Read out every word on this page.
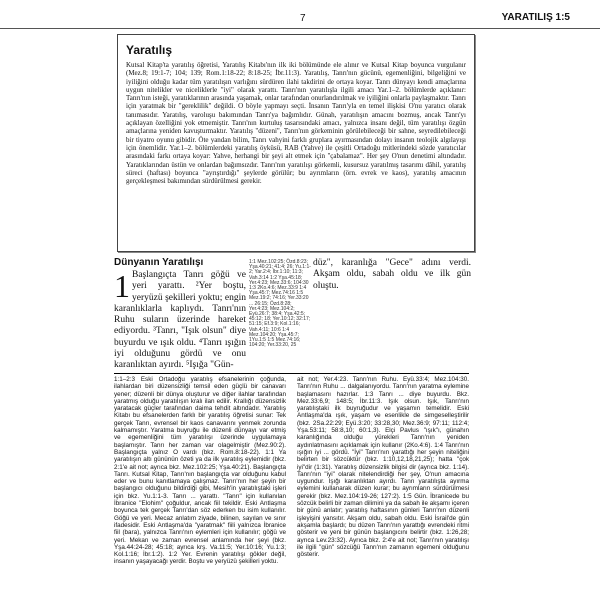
7	YARATILIŞ 1:5
Yaratılış

Kutsal Kitap'ta yaratılış öğretisi, Yaratılış Kitabı'nın ilk iki bölümünde ele alınır ve Kutsal Kitap boyunca vurgulanır (Mez.8; 19:1-7; 104; 139; Rom.1:18-22; 8:18-25; İbr.11:3). Yaratılış, Tanrı'nın gücünü, egemenliğini, bilgeliğini ve iyiliğini olduğu kadar tüm yaratılışın varlığını sürdüren ilahi takdirini de ortaya koyar. Tanrı dünyayı kendi amaçlarına uygun nitelikler ve niceliklerle "iyi" olarak yarattı. Tanrı'nın yaratılışla ilgili amacı Yar.1–2. bölümlerde açıklanır: Tanrı'nın isteği, yaratıklarının arasında yaşamak, onlar tarafından onurlandırılmak ve iyiliğini onlarla paylaşmaktır. Tanrı için yaratmak bir "gereklilik" değildi. O böyle yapmayı seçti. İnsanın Tanrı'yla en temel ilişkisi O'nu yaratıcı olarak tanımasıdır. Yaratılış, varoluşu bakımından Tanrı'ya bağımlıdır. Günah, yaratılışın amacını bozmuş, ancak Tanrı'yı açıklayan özelliğini yok etmemiştir. Tanrı'nın kurtuluş tasarısındaki amacı, yalnızca insanı değil, tüm yaratılışı özgün amaçlarına yeniden kavuşturmaktır. Yaratılış "düzeni", Tanrı'nın görkeminin görülebileceği bir sahne, seyredilebileceği bir tiyatro oyunu gibidir. Öte yandan bilim, Tanrı vahyini farklı gruplara ayırmasından dolayı insanın teolojik algılayışı için önemlidir. Yar.1–2. bölümlerdeki yaratılış öyküsü, RAB (Yahve) ile çeşitli Ortadoğu mitlerindeki sözde yaratıcılar arasındaki farkı ortaya koyar: Yahve, herhangi bir şeyi alt etmek için "çabalamaz". Her şey O'nun denetimi altındadır. Yaratıklarından üstün ve onlardan bağımsızdır. Tanrı'nın yaratılışı görkemli, kusursuz yaratılmış tasarımı dâhil, yaratılış süreci (haftası) boyunca "ayrıştırdığı" şeylerde görülür; bu ayrımların (örn. evrek ve kaos), yaratılış amacının gerçekleşmesi bakımından sürdürülmesi gerekir.

Dünyanın Yaratılışı
1 Başlangıçta Tanrı göğü ve yeri yarattı. ²Yer boştu, yeryüzü şekilleri yoktu; engin karanlıklarla kaplıydı. Tanrı'nın Ruhu suların üzerinde hareket ediyordu. ³Tanrı, "Işık olsun" diye buyurdu ve ışık oldu. ⁴Tanrı ışığın iyi olduğunu gördü ve onu karanlıktan ayırdı. ⁵Işığa "Gün-
1:1 Mez.102:25; Özd.8:23; Yşa.40:21; 41:4; 26; Yu.1:1-2; Yar.2:4; İbr.1:10; 11:3; Vah.3:14 1:2 Yşa.45:18; Yer.4:23; Mez.33:6; 104:30 1:3 2Ko.4:6; Mez.33:9 1:4 Yşa.45:7; Mez.74:16 1:5 Mez.19:2; 74:16; Yer.33:20 ... 26:15; Özd.8:28; Yer.4:23; Mez.104:2; Eyü.26:7; 38:4; Yşa.42:5; 45:12; 18; Yer.10:12; 32:17; 51:15; Ef.3:9; Kol.1:16; Vah.4:11; 10:6 1:4 Mez.104:20; Yşa.45:7; 1Yu.1:5 1:5 Mez.74:16; 104:20; Yer.33:20, 25
düz", karanlığa "Gece" adını verdi. Akşam oldu, sabah oldu ve ilk gün oluştu.

1:1–2:3 Eski Ortadoğu yaratılış efsanelerinin çoğunda, ilahlardan biri düzensizliği temsil eden güçlü bir canavarı yener; düzenli bir dünya oluşturur ve diğer ilahlar tarafından yaratmış olduğu yaratılışın kralı ilan edilir. Krallığı düzensizlik yaratacak güçler tarafından daima tehdit altındadır. Yaratılış Kitabı bu efsanelerden farklı bir yaratılış öğretisi sunar: Tek gerçek Tanrı, evrensel bir kaos canavarını yenmek zorunda kalmamıştır. Yaratma buyruğu ile düzenli dünyayı var etmiş ve egemenliğini tüm yaratılışı üzerinde uygulamaya başlamıştır. Tanrı her zaman var olagelmiştir (Mez.90:2). Başlangıçta yalnız O vardı (bkz. Rom.8:18-22). 1:1 Ya yaratılışın altı gününün özeti ya da ilk yaratılış eylemidir (bkz. 2:1'e ait not; ayrıca bkz. Mez.102:25; Yşa.40:21). Başlangıçta Tanrı. Kutsal Kitap, Tanrı'nın başlangıçta var olduğunu kabul eder ve bunu kanıtlamaya çalışmaz. Tanrı'nın her şeyin bir başlangıcı olduğunu bildirdiği gibi, Mesih'in yaratılıştaki işleri için bkz. Yu.1:1-3. Tanrı ... yarattı. "Tanrı" için kullanılan İbranice "Elohim" çoğuldur, ancak fiil tekildir. Eski Antlaşma boyunca tek gerçek Tanrı'dan söz ederken bu isim kullanılır. Göğü ve yeri. Mecaz anlatım ziyade, bilinen, sayılan ve sınır ifadesidir. Eski Antlaşma'da "yaratmak" fiili yalnızca İbranice fiil (bara), yalnızca Tanrı'nın eylemleri için kullanılır; göğü ve yeri. Mekan ve zaman evrensel anlamında her şeyi (bkz. Yşa.44:24-28; 45:18; ayrıca krş. Va.11:5; Yer.10:16; Yu.1:3; Kol.1:16; İbr.1:2). 1:2 Yer. Evrenin yaratılışı gökler değil, insanın yaşayacağı yerdir. Boştu ve yeryüzü şekilleri yoktu.

ait not; Yer.4:23. Tanrı'nın Ruhu. Eyü.33:4; Mez.104:30. Tanrı'nın Ruhu ... dalgalanıyordu. Tanrı'nın yaratma eylemine başlamasını hazırlar. 1:3 Tanrı ... diye buyurdu. Bkz. Mez.33:6,9; 148:5; İbr.11:3. Işık olsun. Işık, Tanrı'nın yaratılıştaki ilk buyruğudur ve yaşamın temelidir. Eski Antlaşma'da ışık, yaşam ve esenlikle de simgeselleştirilir (bkz. 2Sa.22:29; Eyü.3:20; 33:28,30; Mez.36:9; 97:11; 112:4; Yşa.53:11; 58:8,10; 60:1,3). Elçi Pavlus "ışık"ı, günahın karanlığında olduğu yürekleri Tanrı'nın yeniden aydınlatmasını açıklamak için kullanır (2Ko.4:6). 1:4 Tanrı'nın ışığın iyi ... gördü. "İyi" Tanrı'nın yarattığı her şeyin niteliğini belirten bir sözcüktür (bkz. 1:10,12,18,21,25); hatta "çok iyi"dir (1:31). Yaratılış düzensizlik bilgisi dir (ayrıca bkz. 1:14). Tanrı'nın "iyi" olarak nitelendirdiği her şey, O'nun amacına uygundur. Işığı karanlıktan ayırdı. Tanrı yaratılışta ayırma eylemini kullanarak düzen kurar; bu ayrımların sürdürülmesi gerekir (bkz. Mez.104:19-26; 127:2). 1:5 Gün. İbranicede bu sözcük belirli bir zaman dilimini ya da sabah ile akşamı içeren bir günü anlatır; yaratılış haftasının günleri Tanrı'nın düzenli işleyişini yansıtır. Akşam oldu, sabah oldu. Eski İsrail'de gün akşamla başlardı; bu düzen Tanrı'nın yarattığı evrendeki ritmi gösterir ve yeni bir günün başlangıcını belirtir (bkz. 1:26,28; ayrıca Lev.23:32). Ayrıca bkz. 2:4'e ait not; Tanrı'nın yaratılışı ile ilgili "gün" sözcüğü Tanrı'nın zamanın egemeni olduğunu gösterir.
